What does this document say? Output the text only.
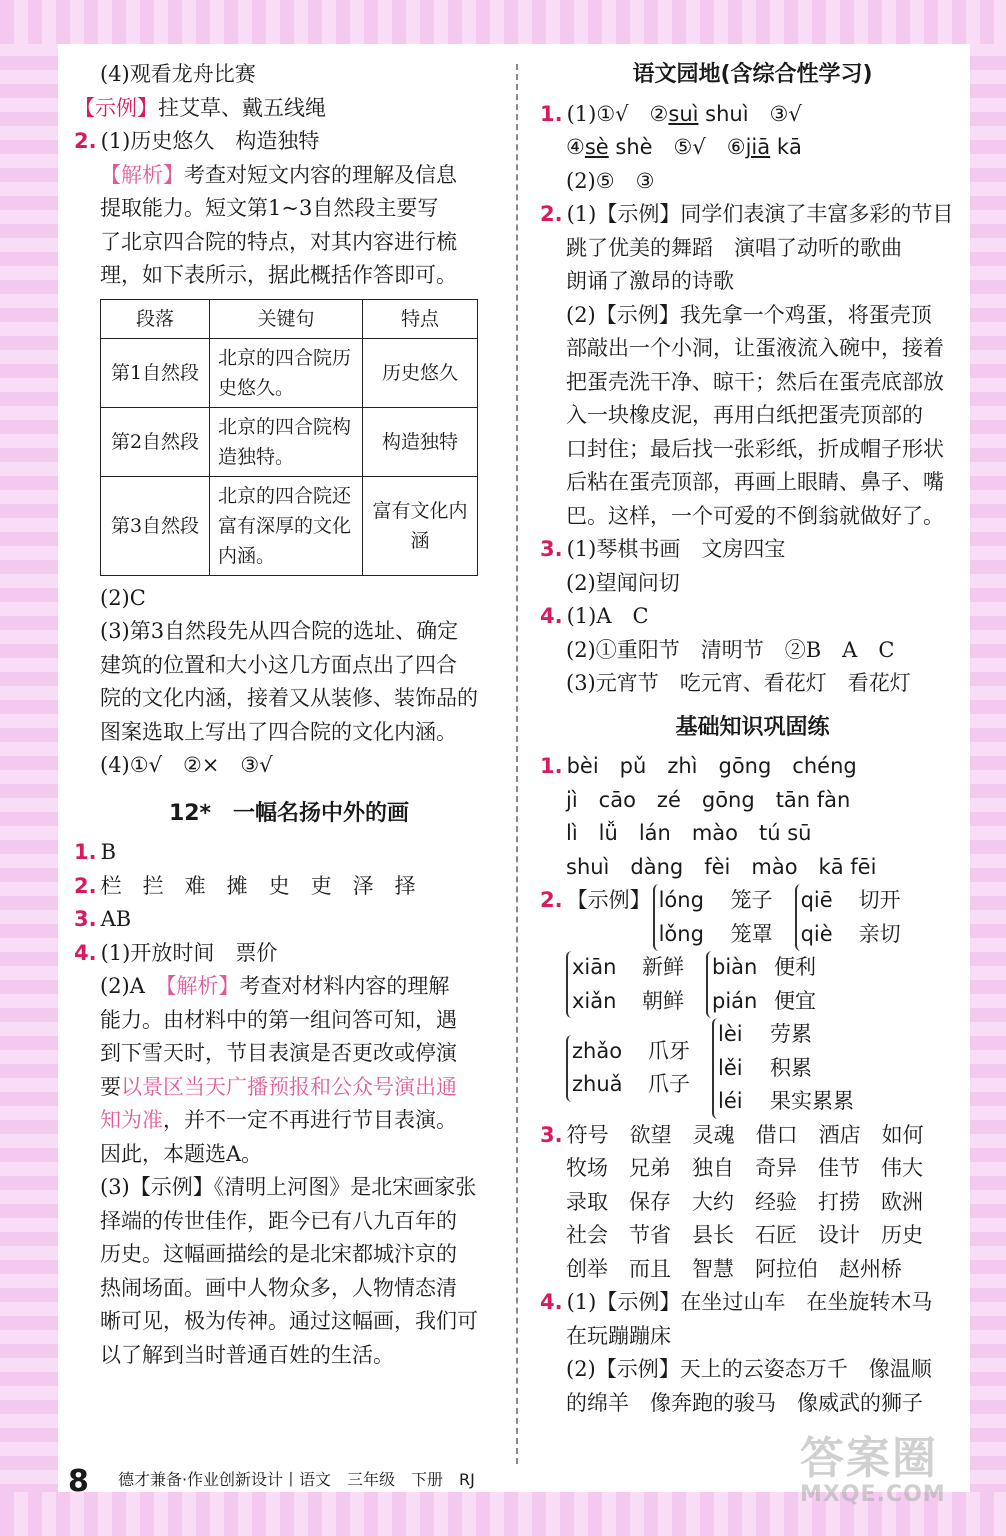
(4)观看龙舟比赛
【示例】拄艾草、戴五线绳
2. (1)历史悠久　构造独特
【解析】考查对短文内容的理解及信息
提取能力。短文第1~3自然段主要写
了北京四合院的特点，对其内容进行梳
理，如下表所示，据此概括作答即可。
段落	关键句	特点
第1自然段	北京的四合院历史悠久。	历史悠久
第2自然段	北京的四合院构造独特。	构造独特
第3自然段	北京的四合院还富有深厚的文化内涵。	富有文化内涵
(2)C
(3)第3自然段先从四合院的选址、确定
建筑的位置和大小这几方面点出了四合
院的文化内涵，接着又从装修、装饰品的
图案选取上写出了四合院的文化内涵。
(4)①√　②×　③√
12*　一幅名扬中外的画
1. B
2. 栏　拦　难　摊　史　吏　泽　择
3. AB
4. (1)开放时间　票价
(2)A　 【解析】考查对材料内容的理解
能力。由材料中的第一组问答可知，遇
到下雪天时，节目表演是否更改或停演
要以景区当天广播预报和公众号演出通
知为准，并不一定不再进行节目表演。
因此，本题选A。
(3)【示例】《清明上河图》是北宋画家张
择端的传世佳作，距今已有八九百年的
历史。这幅画描绘的是北宋都城汴京的
热闹场面。画中人物众多，人物情态清
晰可见，极为传神。通过这幅画，我们可
以了解到当时普通百姓的生活。
语文园地(含综合性学习)
1. (1)①√　②suì shuì　③√
④sè shè　⑤√　⑥jiā kā
(2)⑤　③
2. (1)【示例】同学们表演了丰富多彩的节目
跳了优美的舞蹈　演唱了动听的歌曲
朗诵了激昂的诗歌
(2)【示例】我先拿一个鸡蛋，将蛋壳顶
部敲出一个小洞，让蛋液流入碗中，接着
把蛋壳洗干净、晾干；然后在蛋壳底部放
入一块橡皮泥，再用白纸把蛋壳顶部的
口封住；最后找一张彩纸，折成帽子形状
后粘在蛋壳顶部，再画上眼睛、鼻子、嘴
巴。这样，一个可爱的不倒翁就做好了。
3. (1)琴棋书画　文房四宝
(2)望闻问切
4. (1)A　C
(2)①重阳节　清明节　②B　A　C
(3)元宵节　吃元宵、看花灯　看花灯
基础知识巩固练
1. bèi　pǔ　zhì　gōng　chéng
jì　cāo　zé　gōng　tān fàn
lì　lǚ　lán　mào　tú sū
shuì　dàng　fèi　mào　kā fēi
2. 【示例】 lóng 笼子
lǒng 笼罩
qiē 切开
qiè 亲切
xiān 新鲜
xiǎn 朝鲜
biàn 便利
pián 便宜
zhǎo 爪牙
zhuǎ 爪子
lèi 劳累
lěi 积累
léi 果实累累
3. 符号　欲望　灵魂　借口　酒店　如何
牧场　兄弟　独自　奇异　佳节　伟大
录取　保存　大约　经验　打捞　欧洲
社会　节省　县长　石匠　设计　历史
创举　而且　智慧　阿拉伯　赵州桥
4. (1)【示例】在坐过山车　在坐旋转木马
在玩蹦蹦床
(2)【示例】天上的云姿态万千　像温顺
的绵羊　像奔跑的骏马　像威武的狮子
8 德才兼备·作业创新设计丨语文　三年级　下册　RJ	答案圈
MXQE.COM
